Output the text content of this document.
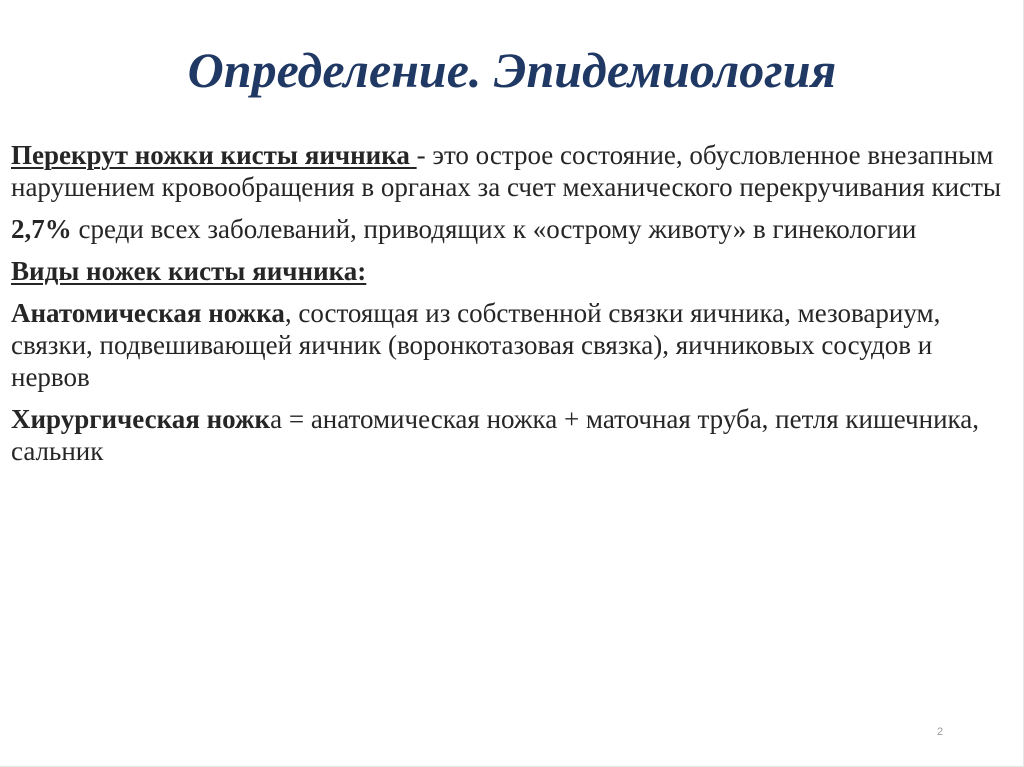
Определение. Эпидемиология

Перекрут ножки кисты яичника - это острое состояние, обусловленное внезапным нарушением кровообращения в органах за счет механического перекручивания кисты

2,7% среди всех заболеваний, приводящих к «острому животу» в гинекологии

Виды ножек кисты яичника:

Анатомическая ножка, состоящая из собственной связки яичника, мезовариум, связки, подвешивающей яичник (воронкотазовая связка), яичниковых сосудов и нервов

Хирургическая ножка = анатомическая ножка + маточная труба, петля кишечника, сальник

2
